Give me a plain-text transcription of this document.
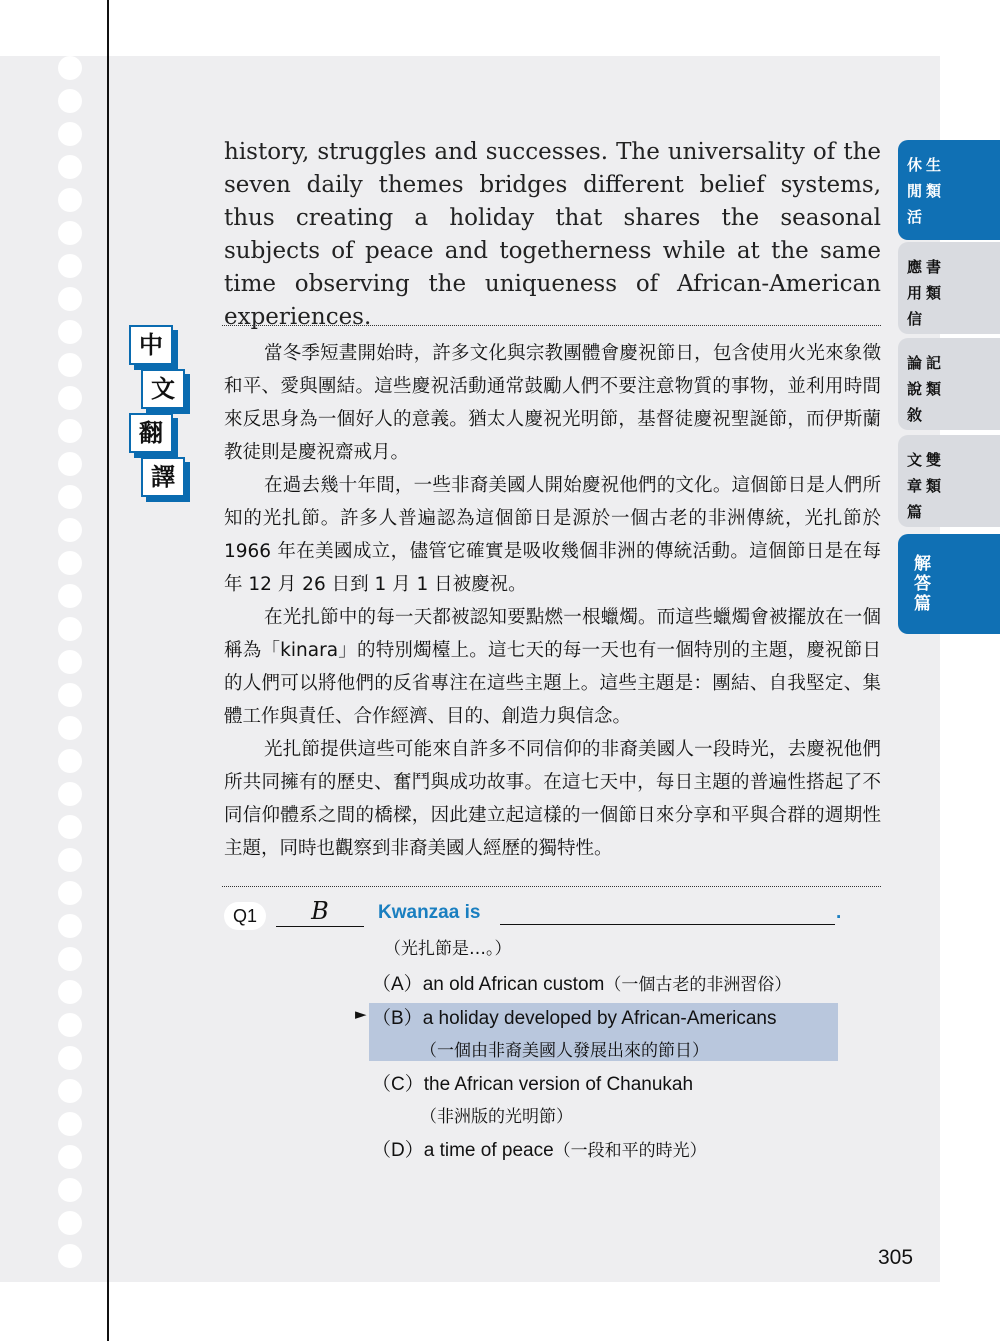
history, struggles and successes. The universality of the seven daily themes bridges different belief systems, thus creating a holiday that shares the seasonal subjects of peace and togetherness while at the same time observing the uniqueness of African-American experiences.

中
文
翻
譯

當冬季短晝開始時，許多文化與宗教團體會慶祝節日，包含使用火光來象徵和平、愛與團結。這些慶祝活動通常鼓勵人們不要注意物質的事物，並利用時間來反思身為一個好人的意義。猶太人慶祝光明節，基督徒慶祝聖誕節，而伊斯蘭教徒則是慶祝齋戒月。

在過去幾十年間，一些非裔美國人開始慶祝他們的文化。這個節日是人們所知的光扎節。許多人普遍認為這個節日是源於一個古老的非洲傳統，光扎節於 1966 年在美國成立，儘管它確實是吸收幾個非洲的傳統活動。這個節日是在每年 12 月 26 日到 1 月 1 日被慶祝。

在光扎節中的每一天都被認知要點燃一根蠟燭。而這些蠟燭會被擺放在一個稱為「kinara」的特別燭檯上。這七天的每一天也有一個特別的主題，慶祝節日的人們可以將他們的反省專注在這些主題上。這些主題是：團結、自我堅定、集體工作與責任、合作經濟、目的、創造力與信念。

光扎節提供這些可能來自許多不同信仰的非裔美國人一段時光，去慶祝他們所共同擁有的歷史、奮鬥與成功故事。在這七天中，每日主題的普遍性搭起了不同信仰體系之間的橋樑，因此建立起這樣的一個節日來分享和平與合群的週期性主題，同時也觀察到非裔美國人經歷的獨特性。

Q1	B	Kwanzaa is	.
（光扎節是…。）
►
（A）an old African custom（一個古老的非洲習俗）
（B）a holiday developed by African-Americans
（一個由非裔美國人發展出來的節日）
（C）the African version of Chanukah
（非洲版的光明節）
（D）a time of peace（一段和平的時光）
休生閒類活
應書用類信
論記說類敘
文雙章類篇
解答篇
305
